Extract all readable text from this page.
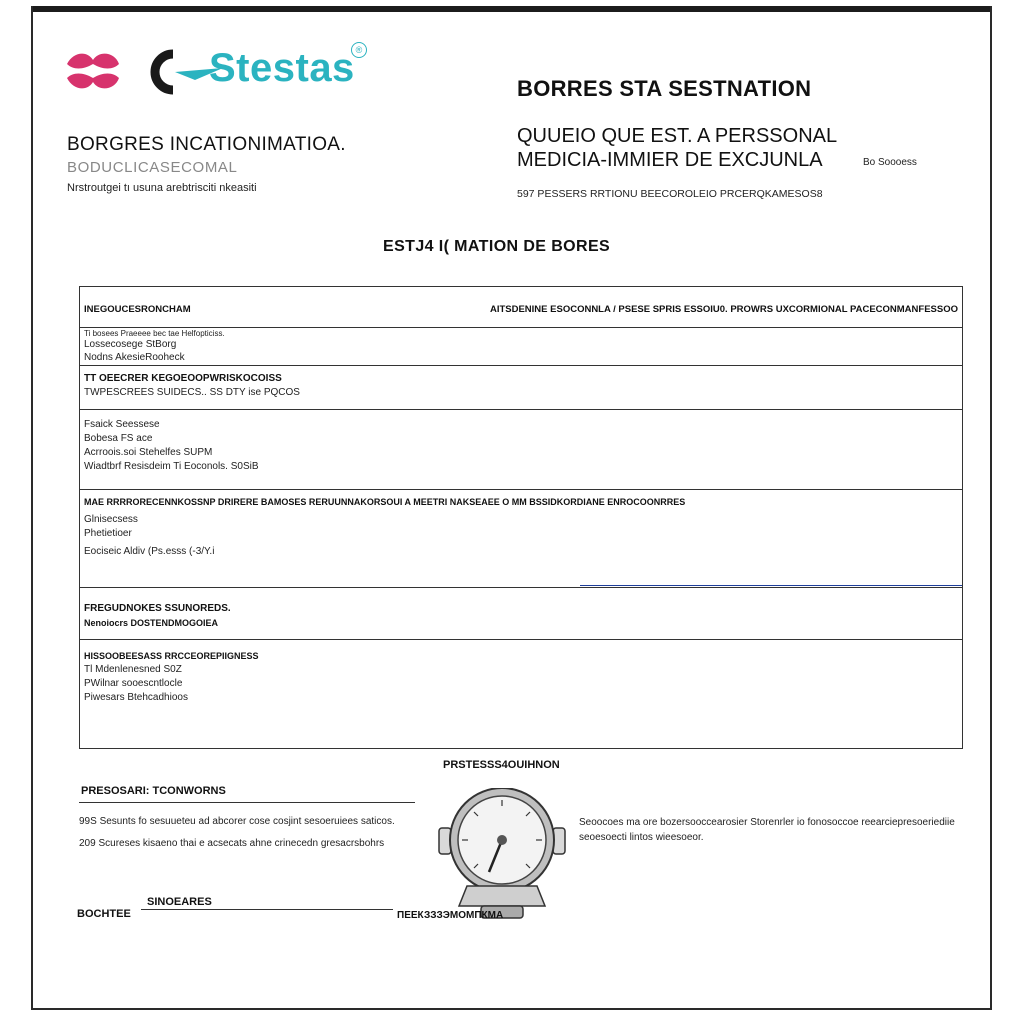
Stestas ®
BORGRES INCATIONIMATIOA.
BODUCLICASECOMAL
Nrstroutgei tı usuna arebtrisciti nkeasiti
BORRES STA SESTNATION
QUUEIO QUE EST. A PERSSONAL
MEDICIA-IMMIER DE EXCJUNLA	Bo Soooess
597 PESSERS RRTIONU BEECOROLEIO PRCERQKAMESOS8
ESTJ4 I( MATION DE BORES
INEGOUCESRONCHAM	AITSDENINE ESOCONNLA / PSESE SPRIS ESSOIU0. PROWRS UXCORMIONAL PACECONMANFESSOO
Ti bosees Praeeee bec tae Helfopticiss.
Lossecosege StBorg
Nodns AkesieRooheck
TT OEECRER KEGOEOOPWRISKOCOISS
TWPESCREES SUIDECS.. SS DTY ise PQCOS
Fsaick Seessese
Bobesa FS ace
Acrroois.soi Stehelfes SUPM
Wiadtbrf Resisdeim Ti Eoconols. S0SiB
MAE RRRRORECENNKOSSNP DRIRERE BAMOSES RERUUNNAKORSOUI A MEETRI NAKSEAEE O MM BSSIDKORDIANE ENROCOONRRES
Glnisecsess
Phetietioer
Eociseic Aldiv (Ps.esss (-3/Y.i
FREGUDNOKES SSUNOREDS.
Nenoiocrs DOSTENDMOGOIEA
HISSOOBEESASS RRCCEOREPIIGNESS
Tl Mdenlenesned S0Z
PWilnar sooescntlocle
Piwesars Btehcadhioos
PRSTESSS4OUIHNON
PRESOSARI: TCONWORNS
99S Sesunts fo sesuueteu ad abcorer cose cosjint sesoeruiees saticos.
209 Scureses kisaeno thai e acsecats ahne crinecedn gresacrsbohrs
Seoocoes ma ore bozersooccearosier Storenrler io fonosoccoe reearciepresoeriediie
seoesoecti lintos wieesoeor.
SINOEARES
BOCHTEE	ПЕЕКЗЗЗЭМОМПКМА
